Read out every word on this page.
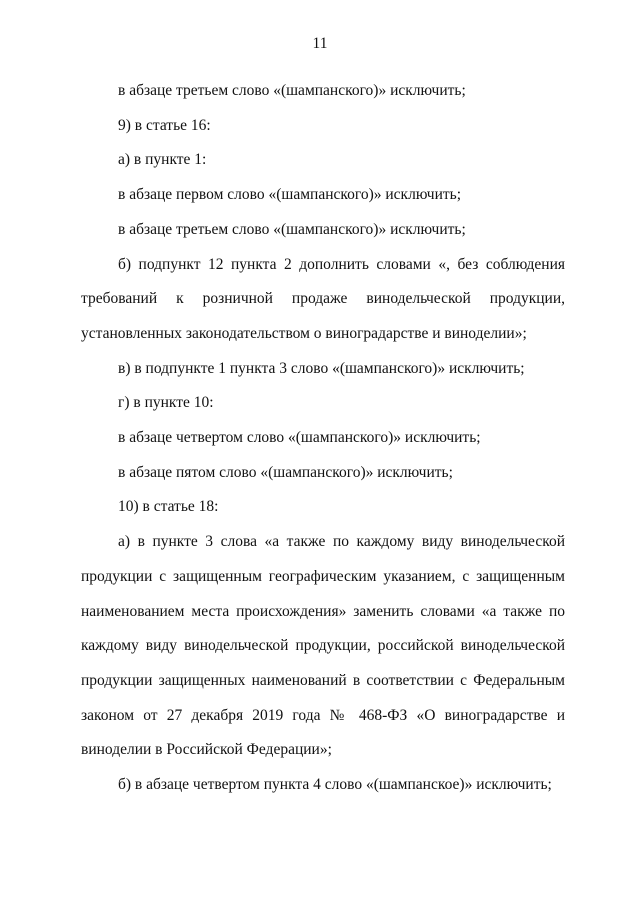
11

в абзаце третьем слово «(шампанского)» исключить;

9) в статье 16:

а) в пункте 1:

в абзаце первом слово «(шампанского)» исключить;

в абзаце третьем слово «(шампанского)» исключить;

б) подпункт 12 пункта 2 дополнить словами «, без соблюдения требований к розничной продаже винодельческой продукции, установленных законодательством о виноградарстве и виноделии»;

в) в подпункте 1 пункта 3 слово «(шампанского)» исключить;

г) в пункте 10:

в абзаце четвертом слово «(шампанского)» исключить;

в абзаце пятом слово «(шампанского)» исключить;

10) в статье 18:

а) в пункте 3 слова «а также по каждому виду винодельческой продукции с защищенным географическим указанием, с защищенным наименованием места происхождения» заменить словами «а также по каждому виду винодельческой продукции, российской винодельческой продукции защищенных наименований в соответствии с Федеральным законом от 27 декабря 2019 года № 468-ФЗ «О виноградарстве и виноделии в Российской Федерации»;

б) в абзаце четвертом пункта 4 слово «(шампанское)» исключить;
